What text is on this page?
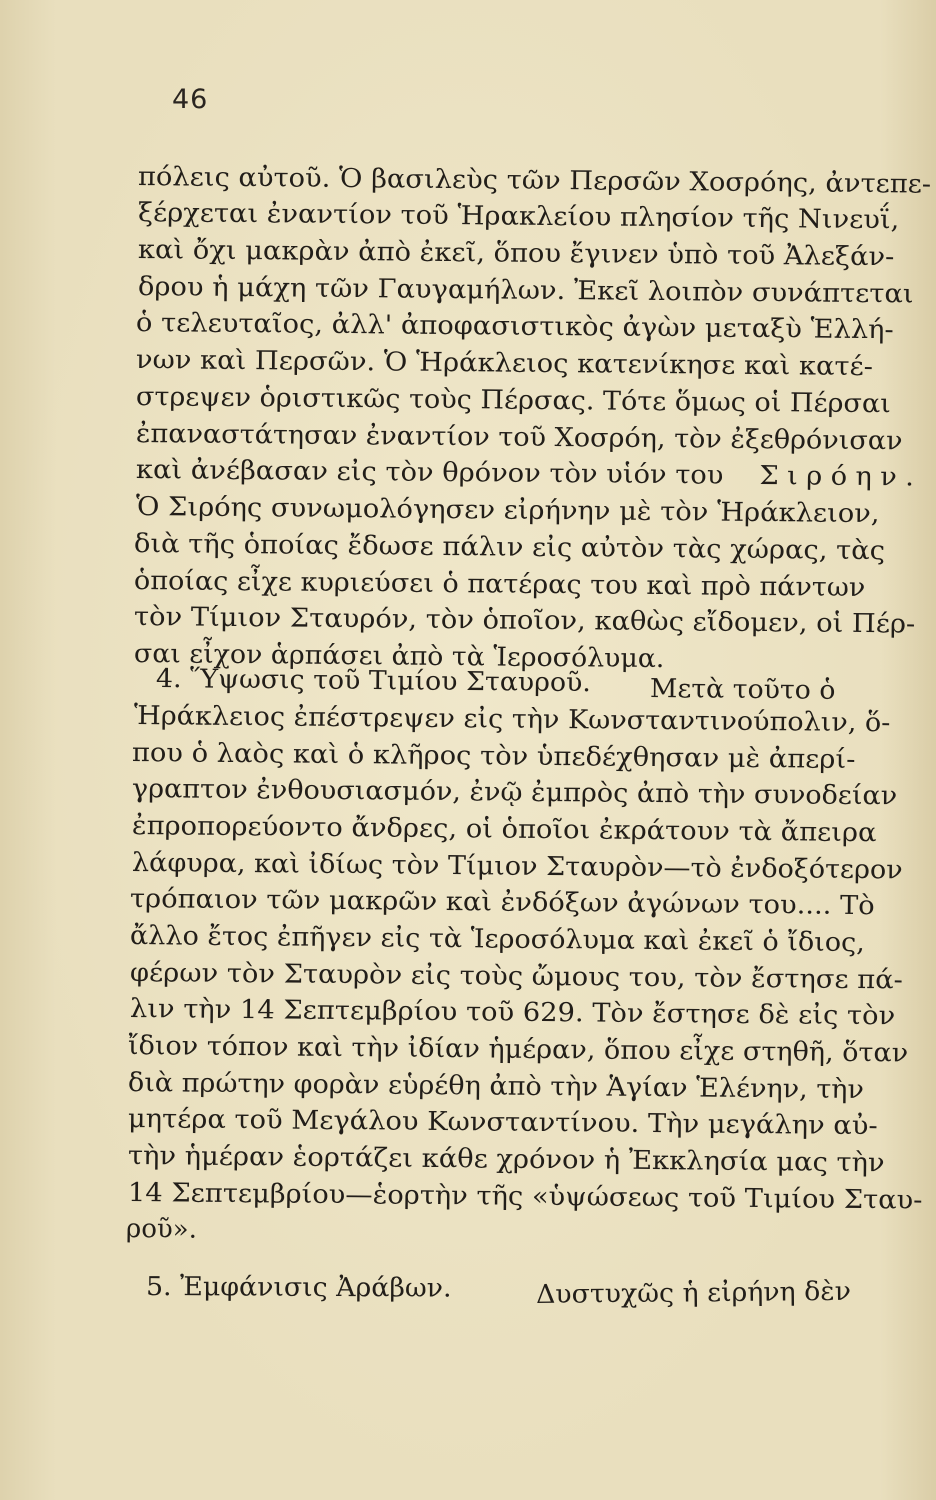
46
πόλεις αὐτοῦ. Ὁ βασιλεὺς τῶν Περσῶν Χοσρόης, ἀντεπε-
ξέρχεται ἐναντίον τοῦ Ἡρακλείου πλησίον τῆς Νινευΐ,
καὶ ὄχι μακρὰν ἀπὸ ἐκεῖ, ὅπου ἔγινεν ὑπὸ τοῦ Ἀλεξάν-
δρου ἡ μάχη τῶν Γαυγαμήλων. Ἐκεῖ λοιπὸν συνάπτεται
ὁ τελευταῖος, ἀλλ' ἀποφασιστικὸς ἀγὼν μεταξὺ Ἑλλή-
νων καὶ Περσῶν. Ὁ Ἡράκλειος κατενίκησε καὶ κατέ-
στρεψεν ὁριστικῶς τοὺς Πέρσας. Τότε ὅμως οἱ Πέρσαι
ἐπαναστάτησαν ἐναντίον τοῦ Χοσρόη, τὸν ἐξεθρόνισαν
καὶ ἀνέβασαν εἰς τὸν θρόνον τὸν υἱόν του Σιρόην.
Ὁ Σιρόης συνωμολόγησεν εἰρήνην μὲ τὸν Ἡράκλειον,
διὰ τῆς ὁποίας ἔδωσε πάλιν εἰς αὐτὸν τὰς χώρας, τὰς
ὁποίας εἶχε κυριεύσει ὁ πατέρας του καὶ πρὸ πάντων
τὸν Τίμιον Σταυρόν, τὸν ὁποῖον, καθὼς εἴδομεν, οἱ Πέρ-
σαι εἶχον ἁρπάσει ἀπὸ τὰ Ἱεροσόλυμα.
4. Ὕψωσις τοῦ Τιμίου Σταυροῦ. Μετὰ τοῦτο ὁ
Ἡράκλειος ἐπέστρεψεν εἰς τὴν Κωνσταντινούπολιν, ὅ-
που ὁ λαὸς καὶ ὁ κλῆρος τὸν ὑπεδέχθησαν μὲ ἀπερί-
γραπτον ἐνθουσιασμόν, ἐνῷ ἐμπρὸς ἀπὸ τὴν συνοδείαν
ἐπροπορεύοντο ἄνδρες, οἱ ὁποῖοι ἐκράτουν τὰ ἄπειρα
λάφυρα, καὶ ἰδίως τὸν Τίμιον Σταυρὸν—τὸ ἐνδοξότερον
τρόπαιον τῶν μακρῶν καὶ ἐνδόξων ἀγώνων του.... Τὸ
ἄλλο ἔτος ἐπῆγεν εἰς τὰ Ἱεροσόλυμα καὶ ἐκεῖ ὁ ἴδιος,
φέρων τὸν Σταυρὸν εἰς τοὺς ὤμους του, τὸν ἔστησε πά-
λιν τὴν 14 Σεπτεμβρίου τοῦ 629. Τὸν ἔστησε δὲ εἰς τὸν
ἴδιον τόπον καὶ τὴν ἰδίαν ἡμέραν, ὅπου εἶχε στηθῆ, ὅταν
διὰ πρώτην φορὰν εὑρέθη ἀπὸ τὴν Ἁγίαν Ἑλένην, τὴν
μητέρα τοῦ Μεγάλου Κωνσταντίνου. Τὴν μεγάλην αὐ-
τὴν ἡμέραν ἑορτάζει κάθε χρόνον ἡ Ἐκκλησία μας τὴν
14 Σεπτεμβρίου—ἑορτὴν τῆς «ὑψώσεως τοῦ Τιμίου Σταυ-
ροῦ».
5. Ἐμφάνισις Ἀράβων.	Δυστυχῶς ἡ εἰρήνη δὲν
